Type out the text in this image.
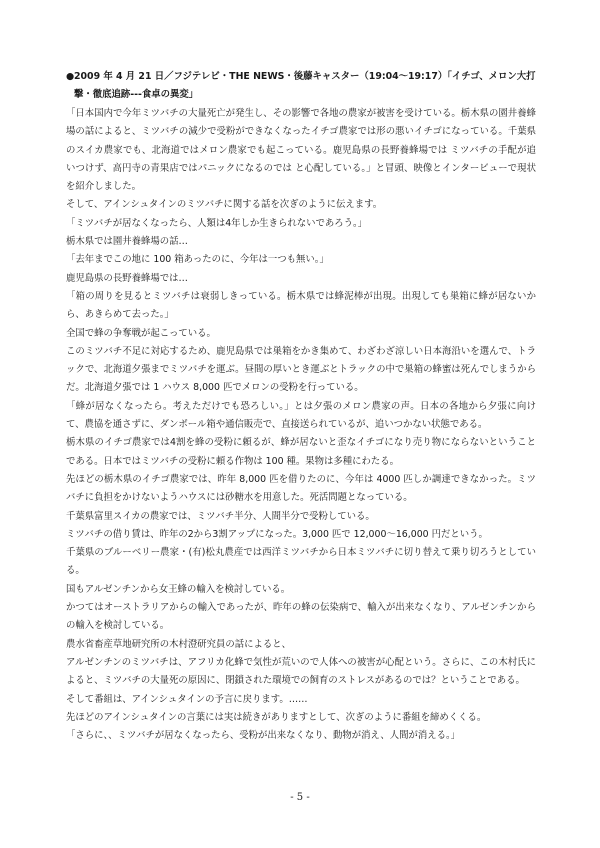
●2009 年 4 月 21 日／フジテレビ・THE NEWS・後藤キャスター（19:04～19:17）「イチゴ、メロン大打撃・徹底追跡---食卓の異変」

「日本国内で今年ミツバチの大量死亡が発生し、その影響で各地の農家が被害を受けている。栃木県の園井養蜂場の話によると、ミツバチの減少で受粉ができなくなったイチゴ農家では形の悪いイチゴになっている。千葉県のスイカ農家でも、北海道ではメロン農家でも起こっている。鹿児島県の長野養蜂場では ミツバチの手配が追いつけず、高円寺の青果店ではパニックになるのでは と心配している。」と冒頭、映像とインタービューで現状を紹介しました。

そして、アインシュタインのミツバチに関する話を次ぎのように伝えます。

「ミツバチが居なくなったら、人類は4年しか生きられないであろう。」

栃木県では園井養蜂場の話…

「去年までこの地に 100 箱あったのに、今年は一つも無い。」

鹿児島県の長野養蜂場では…

「箱の周りを見るとミツバチは衰弱しきっている。栃木県では蜂泥棒が出現。出現しても巣箱に蜂が居ないから、あきらめて去った。」

全国で蜂の争奪戦が起こっている。

このミツバチ不足に対応するため、鹿児島県では巣箱をかき集めて、わざわざ涼しい日本海沿いを選んで、トラックで、北海道夕張までミツバチを運ぶ。昼間の厚いとき運ぶとトラックの中で巣箱の蜂蜜は死んでしまうからだ。北海道夕張では 1 ハウス 8,000 匹でメロンの受粉を行っている。

「蜂が居なくなったら。考えただけでも恐ろしい。」とは夕張のメロン農家の声。日本の各地から夕張に向けて、農協を通さずに、ダンボール箱や通信販売で、直接送られているが、追いつかない状態である。

栃木県のイチゴ農家では4割を蜂の受粉に頼るが、蜂が居ないと歪なイチゴになり売り物にならないということである。日本ではミツバチの受粉に頼る作物は 100 種。果物は多種にわたる。

先ほどの栃木県のイチゴ農家では、昨年 8,000 匹を借りたのに、今年は 4000 匹しか調達できなかった。ミツバチに負担をかけないようハウスには砂糖水を用意した。死活問題となっている。

千葉県富里スイカの農家では、ミツバチ半分、人間半分で受粉している。

ミツバチの借り賃は、昨年の2から3割アップになった。3,000 匹で 12,000～16,000 円だという。

千葉県のブルーベリー農家・(有)松丸農産では西洋ミツバチから日本ミツバチに切り替えて乗り切ろうとしている。

国もアルゼンチンから女王蜂の輸入を検討している。

かつてはオーストラリアからの輸入であったが、昨年の蜂の伝染病で、輸入が出来なくなり、アルゼンチンからの輸入を検討している。

農水省畜産草地研究所の木村澄研究員の話によると、

アルゼンチンのミツバチは、アフリカ化蜂で気性が荒いので人体への被害が心配という。さらに、この木村氏によると、ミツバチの大量死の原因に、閉鎖された環境での飼育のストレスがあるのでは？ということである。

そして番組は、アインシュタインの予言に戻ります。……

先ほどのアインシュタインの言葉には実は続きがありますとして、次ぎのように番組を締めくくる。

「さらに、、ミツバチが居なくなったら、受粉が出来なくなり、動物が消え、人間が消える。」

- 5 -
